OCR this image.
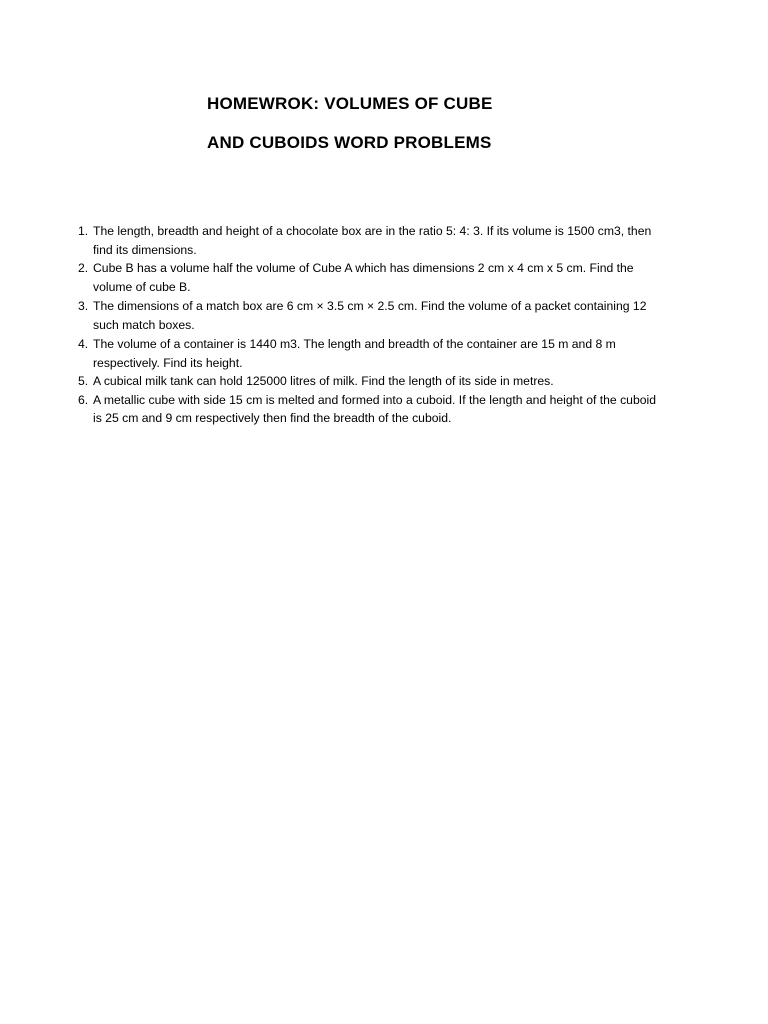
HOMEWROK: VOLUMES OF CUBE
AND CUBOIDS WORD PROBLEMS
1. The length, breadth and height of a chocolate box are in the ratio 5: 4: 3. If its volume is 1500 cm3, then find its dimensions.
2. Cube B has a volume half the volume of Cube A which has dimensions 2 cm x 4 cm x 5 cm. Find the volume of cube B.
3. The dimensions of a match box are 6 cm × 3.5 cm × 2.5 cm. Find the volume of a packet containing 12 such match boxes.
4. The volume of a container is 1440 m3. The length and breadth of the container are 15 m and 8 m respectively. Find its height.
5. A cubical milk tank can hold 125000 litres of milk. Find the length of its side in metres.
6. A metallic cube with side 15 cm is melted and formed into a cuboid. If the length and height of the cuboid is 25 cm and 9 cm respectively then find the breadth of the cuboid.
